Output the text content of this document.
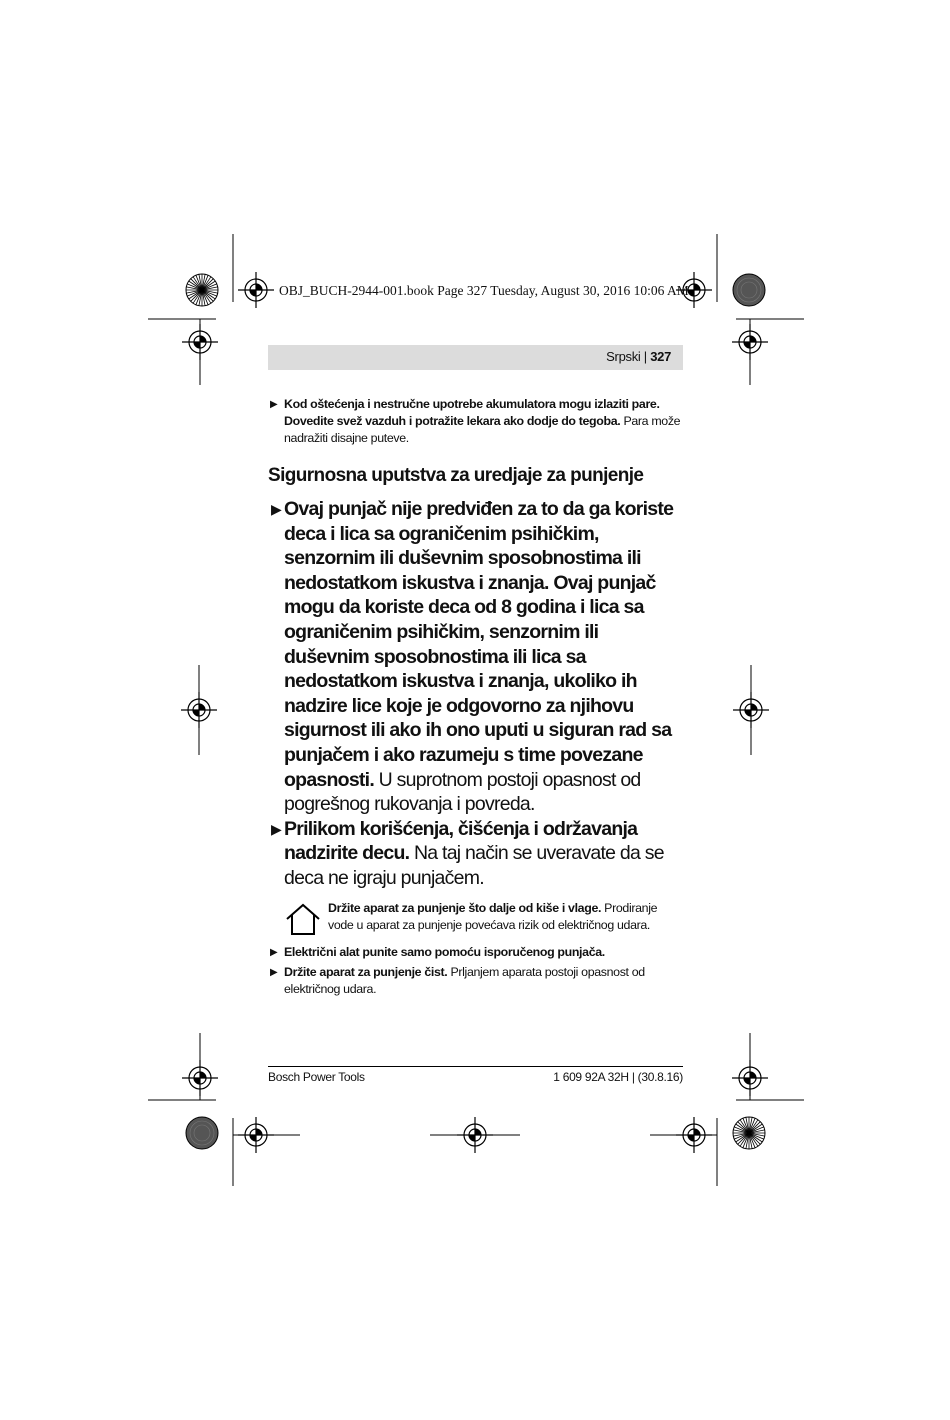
OBJ_BUCH-2944-001.book Page 327 Tuesday, August 30, 2016 10:06 AM
Srpski | 327
▶ Kod oštećenja i nestručne upotrebe akumulatora mogu izlaziti pare. Dovedite svež vazduh i potražite lekara ako dodje do tegoba. Para može nadražiti disajne puteve.
Sigurnosna uputstva za uredjaje za punjenje
▶ Ovaj punjač nije predviđen za to da ga koriste deca i lica sa ograničenim psihičkim, senzornim ili duševnim sposobnostima ili nedostatkom iskustva i znanja. Ovaj punjač mogu da koriste deca od 8 godina i lica sa ograničenim psihičkim, senzornim ili duševnim sposobnostima ili lica sa nedostatkom iskustva i znanja, ukoliko ih nadzire lice koje je odgovorno za njihovu sigurnost ili ako ih ono uputi u siguran rad sa punjačem i ako razumeju s time povezane opasnosti. U suprotnom postoji opasnost od pogrešnog rukovanja i povreda.
▶ Prilikom korišćenja, čišćenja i održavanja nadzirite decu. Na taj način se uveravate da se deca ne igraju punjačem.
Držite aparat za punjenje što dalje od kiše i vlage. Prodiranje vode u aparat za punjenje povećava rizik od električnog udara.
▶ Električni alat punite samo pomoću isporučenog punjača.
▶ Držite aparat za punjenje čist. Prljanjem aparata postoji opasnost od električnog udara.
Bosch Power Tools	1 609 92A 32H | (30.8.16)
